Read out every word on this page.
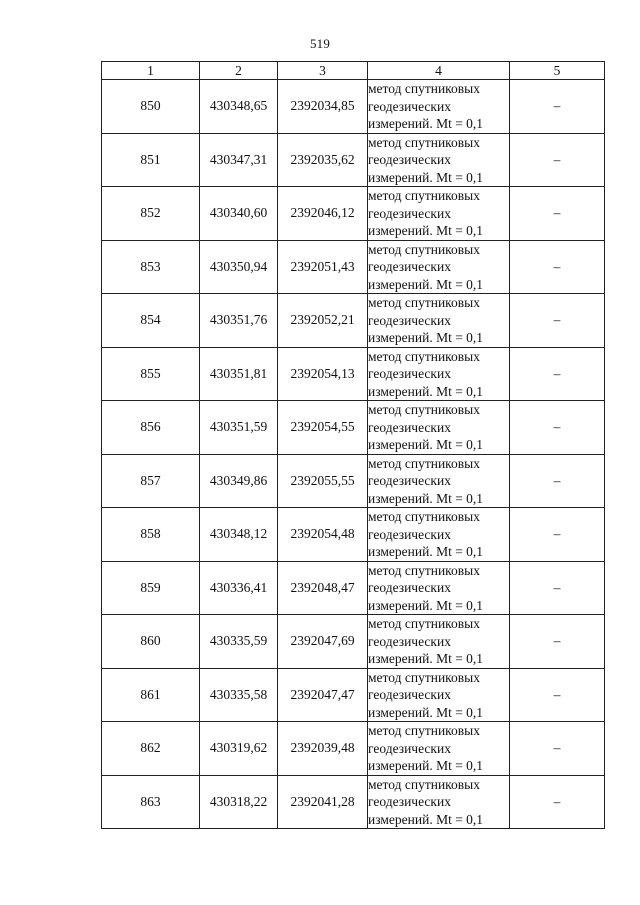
519
1	2	3	4	5
850	430348,65	2392034,85	метод спутниковых
геодезических
измерений. Mt = 0,1	–
851	430347,31	2392035,62	метод спутниковых
геодезических
измерений. Mt = 0,1	–
852	430340,60	2392046,12	метод спутниковых
геодезических
измерений. Mt = 0,1	–
853	430350,94	2392051,43	метод спутниковых
геодезических
измерений. Mt = 0,1	–
854	430351,76	2392052,21	метод спутниковых
геодезических
измерений. Mt = 0,1	–
855	430351,81	2392054,13	метод спутниковых
геодезических
измерений. Mt = 0,1	–
856	430351,59	2392054,55	метод спутниковых
геодезических
измерений. Mt = 0,1	–
857	430349,86	2392055,55	метод спутниковых
геодезических
измерений. Mt = 0,1	–
858	430348,12	2392054,48	метод спутниковых
геодезических
измерений. Mt = 0,1	–
859	430336,41	2392048,47	метод спутниковых
геодезических
измерений. Mt = 0,1	–
860	430335,59	2392047,69	метод спутниковых
геодезических
измерений. Mt = 0,1	–
861	430335,58	2392047,47	метод спутниковых
геодезических
измерений. Mt = 0,1	–
862	430319,62	2392039,48	метод спутниковых
геодезических
измерений. Mt = 0,1	–
863	430318,22	2392041,28	метод спутниковых
геодезических
измерений. Mt = 0,1	–
